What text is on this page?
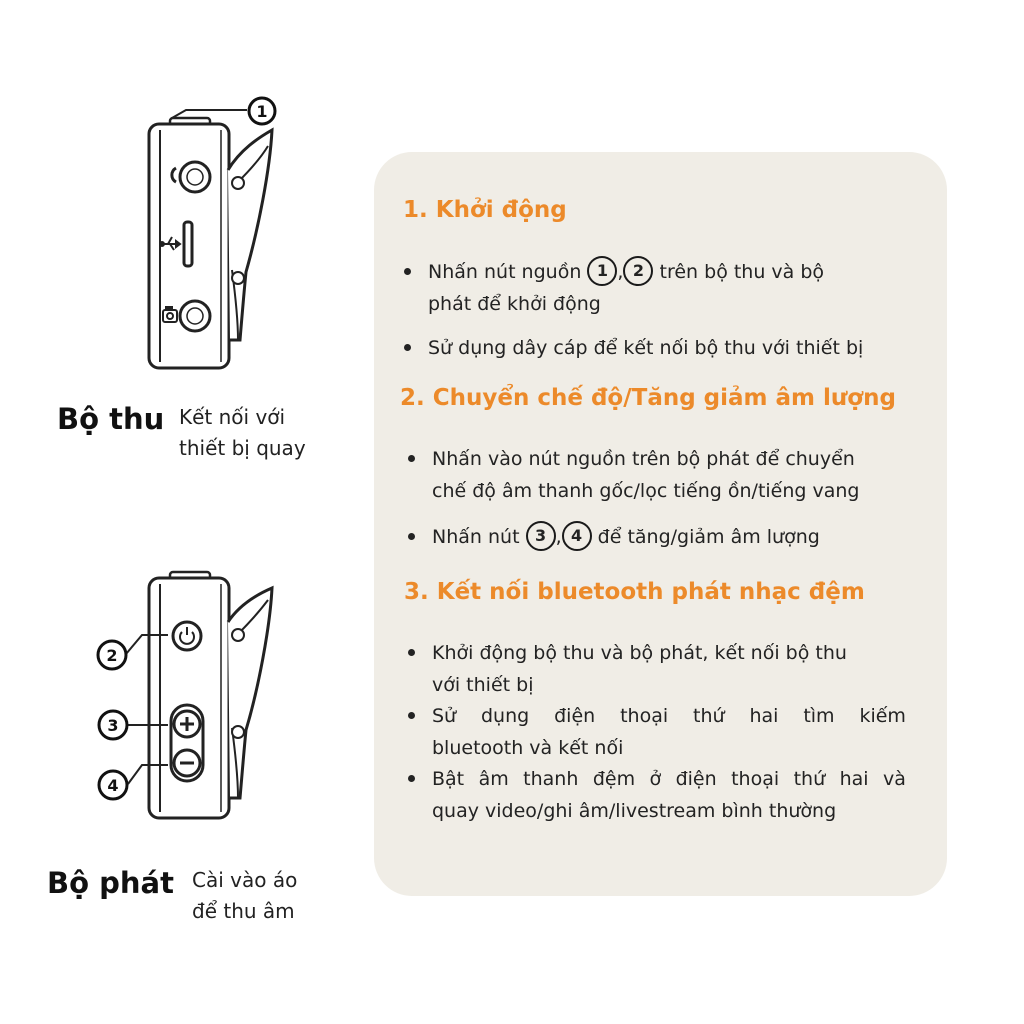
1
2
3
4
Bộ thu Kết nối với
thiết bị quay
Bộ phát Cài vào áo
để thu âm
1. Khởi động
Nhấn nút nguồn 1 , 2 trên bộ thu và bộ
phát để khởi động
Sử dụng dây cáp để kết nối bộ thu với thiết bị
2. Chuyển chế độ/Tăng giảm âm lượng
Nhấn vào nút nguồn trên bộ phát để chuyển
chế độ âm thanh gốc/lọc tiếng ồn/tiếng vang
Nhấn nút 3 , 4 để tăng/giảm âm lượng
3. Kết nối bluetooth phát nhạc đệm
Khởi động bộ thu và bộ phát, kết nối bộ thu
với thiết bị
Sử dụng điện thoại thứ hai tìm kiếm
bluetooth và kết nối
Bật âm thanh đệm ở điện thoại thứ hai và
quay video/ghi âm/livestream bình thường
